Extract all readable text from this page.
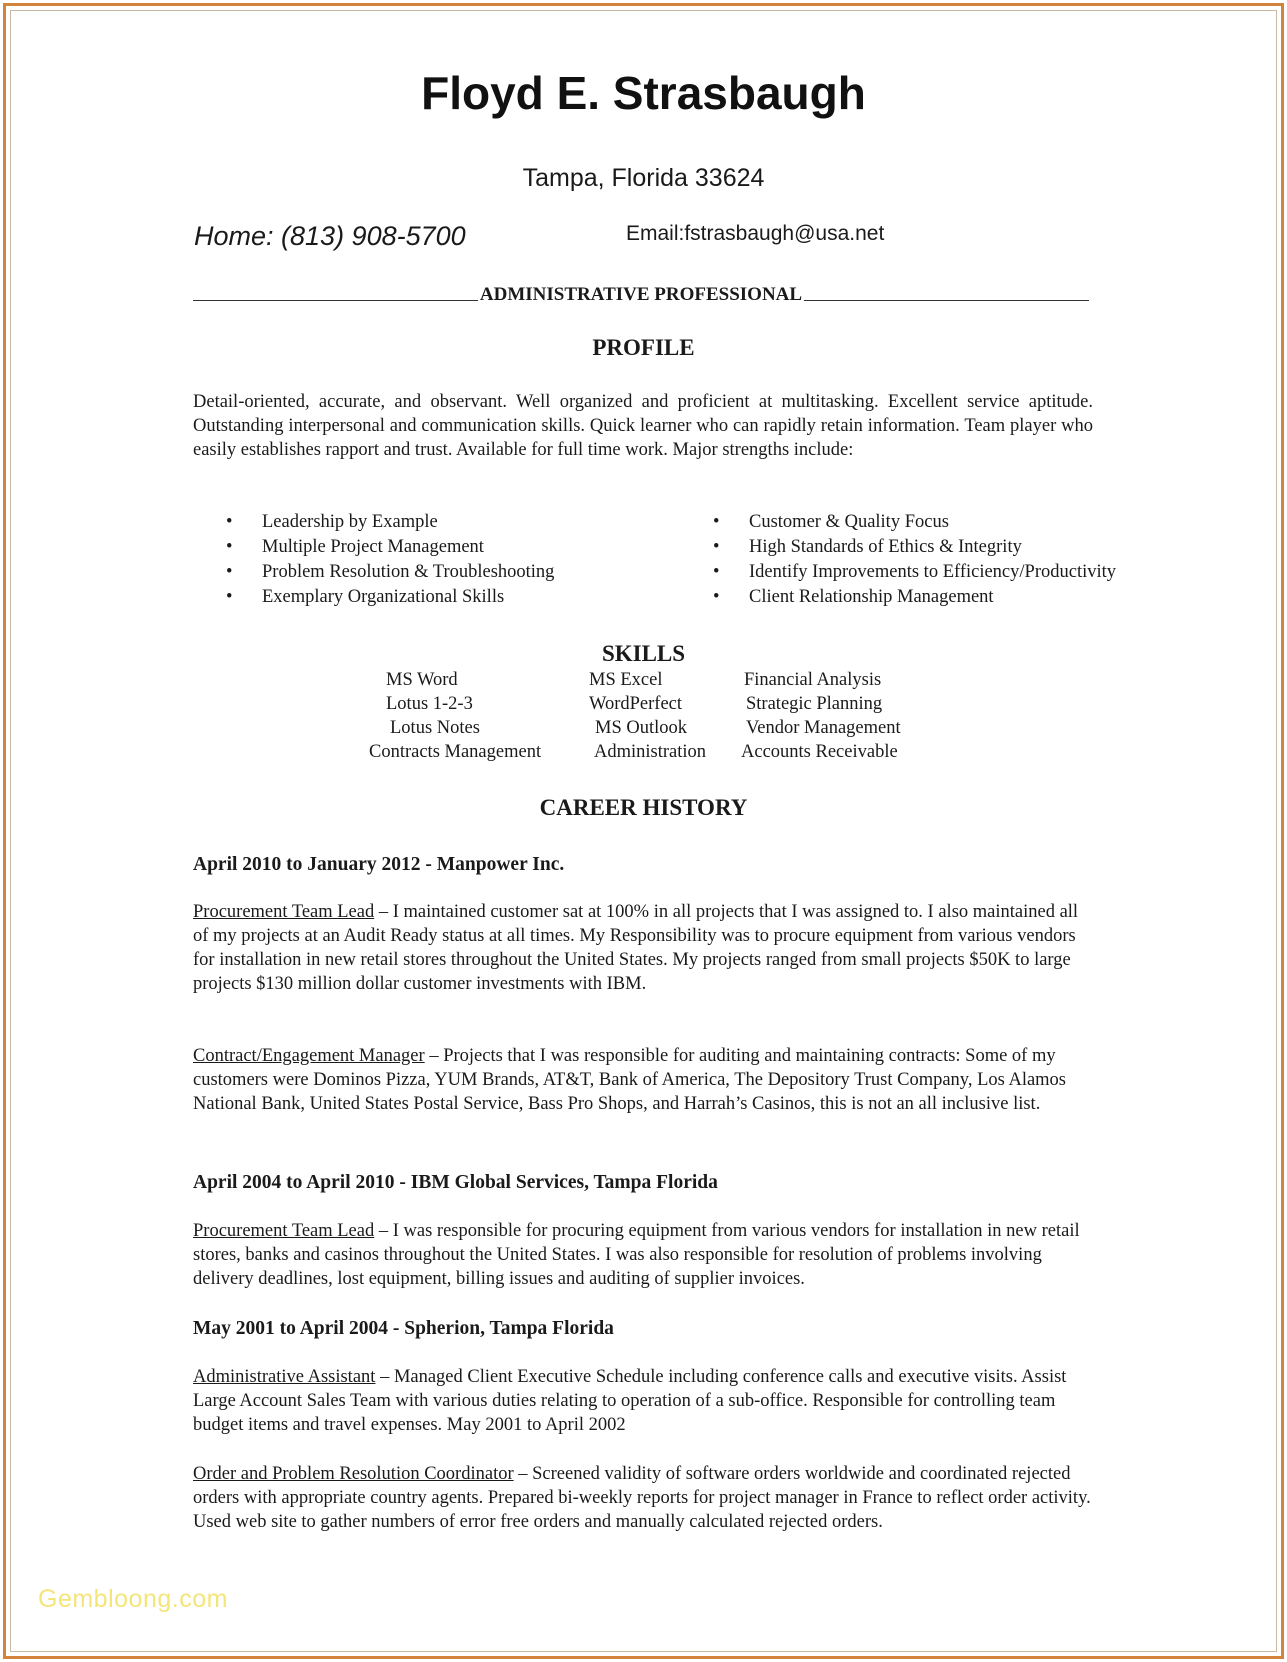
Floyd E. Strasbaugh
Tampa, Florida 33624
Home: (813) 908-5700	Email:fstrasbaugh@usa.net
ADMINISTRATIVE PROFESSIONAL
PROFILE
Detail-oriented, accurate, and observant. Well organized and proficient at multitasking. Excellent service aptitude. Outstanding interpersonal and communication skills. Quick learner who can rapidly retain information. Team player who easily establishes rapport and trust. Available for full time work. Major strengths include:
• Leadership by Example
• Multiple Project Management
• Problem Resolution & Troubleshooting
• Exemplary Organizational Skills
• Customer & Quality Focus
• High Standards of Ethics & Integrity
• Identify Improvements to Efficiency/Productivity
• Client Relationship Management
SKILLS
MS Word
Lotus 1-2-3
Lotus Notes
Contracts Management
MS Excel
WordPerfect
MS Outlook
Administration
Financial Analysis
Strategic Planning
Vendor Management
Accounts Receivable
CAREER HISTORY
April 2010 to January 2012 - Manpower Inc.
Procurement Team Lead – I maintained customer sat at 100% in all projects that I was assigned to. I also maintained all of my projects at an Audit Ready status at all times. My Responsibility was to procure equipment from various vendors for installation in new retail stores throughout the United States. My projects ranged from small projects $50K to large projects $130 million dollar customer investments with IBM.
Contract/Engagement Manager – Projects that I was responsible for auditing and maintaining contracts: Some of my customers were Dominos Pizza, YUM Brands, AT&T, Bank of America, The Depository Trust Company, Los Alamos National Bank, United States Postal Service, Bass Pro Shops, and Harrah’s Casinos, this is not an all inclusive list.
April 2004 to April 2010 - IBM Global Services, Tampa Florida
Procurement Team Lead – I was responsible for procuring equipment from various vendors for installation in new retail stores, banks and casinos throughout the United States. I was also responsible for resolution of problems involving delivery deadlines, lost equipment, billing issues and auditing of supplier invoices.
May 2001 to April 2004 - Spherion, Tampa Florida
Administrative Assistant – Managed Client Executive Schedule including conference calls and executive visits. Assist Large Account Sales Team with various duties relating to operation of a sub-office. Responsible for controlling team budget items and travel expenses. May 2001 to April 2002
Order and Problem Resolution Coordinator – Screened validity of software orders worldwide and coordinated rejected orders with appropriate country agents. Prepared bi-weekly reports for project manager in France to reflect order activity. Used web site to gather numbers of error free orders and manually calculated rejected orders.
Gembloong.com
